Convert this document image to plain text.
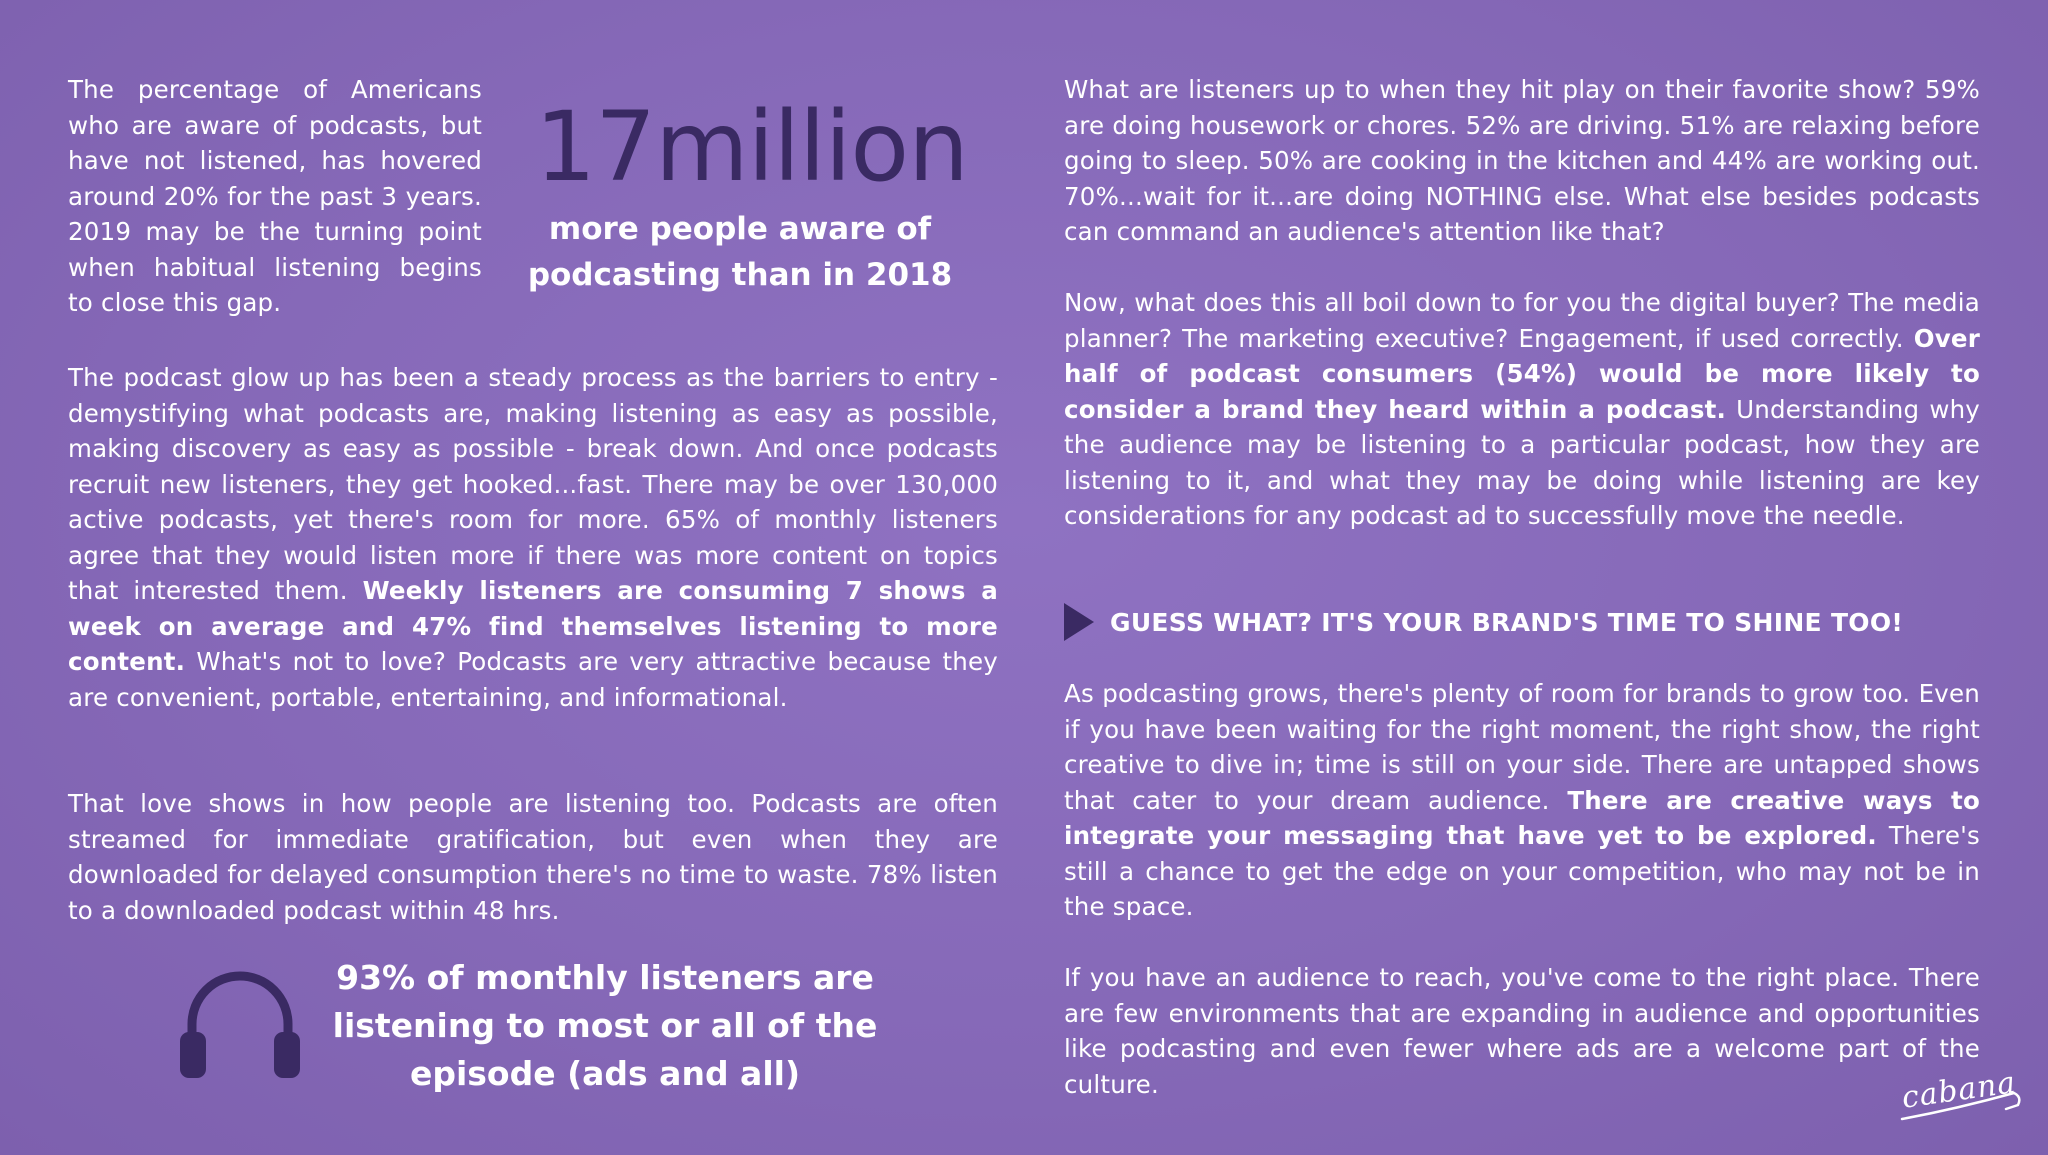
The percentage of Americans who are aware of podcasts, but have not listened, has hovered around 20% for the past 3 years. 2019 may be the turning point when habitual listening begins to close this gap.

17million
more people aware of podcasting than in 2018

The podcast glow up has been a steady process as the barriers to entry - demystifying what podcasts are, making listening as easy as possible, making discovery as easy as possible - break down. And once podcasts recruit new listeners, they get hooked...fast. There may be over 130,000 active podcasts, yet there's room for more. 65% of monthly listeners agree that they would listen more if there was more content on topics that interested them. Weekly listeners are consuming 7 shows a week on average and 47% find themselves listening to more content. What's not to love? Podcasts are very attractive because they are convenient, portable, entertaining, and informational.

That love shows in how people are listening too. Podcasts are often streamed for immediate gratification, but even when they are downloaded for delayed consumption there's no time to waste. 78% listen to a downloaded podcast within 48 hrs.

93% of monthly listeners are listening to most or all of the episode (ads and all)

What are listeners up to when they hit play on their favorite show? 59% are doing housework or chores. 52% are driving. 51% are relaxing before going to sleep. 50% are cooking in the kitchen and 44% are working out. 70%...wait for it...are doing NOTHING else. What else besides podcasts can command an audience's attention like that?

Now, what does this all boil down to for you the digital buyer? The media planner? The marketing executive? Engagement, if used correctly. Over half of podcast consumers (54%) would be more likely to consider a brand they heard within a podcast. Understanding why the audience may be listening to a particular podcast, how they are listening to it, and what they may be doing while listening are key considerations for any podcast ad to successfully move the needle.

GUESS WHAT? IT'S YOUR BRAND'S TIME TO SHINE TOO!

As podcasting grows, there's plenty of room for brands to grow too. Even if you have been waiting for the right moment, the right show, the right creative to dive in; time is still on your side. There are untapped shows that cater to your dream audience. There are creative ways to integrate your messaging that have yet to be explored. There's still a chance to get the edge on your competition, who may not be in the space.

If you have an audience to reach, you've come to the right place. There are few environments that are expanding in audience and opportunities like podcasting and even fewer where ads are a welcome part of the culture.	cabana
